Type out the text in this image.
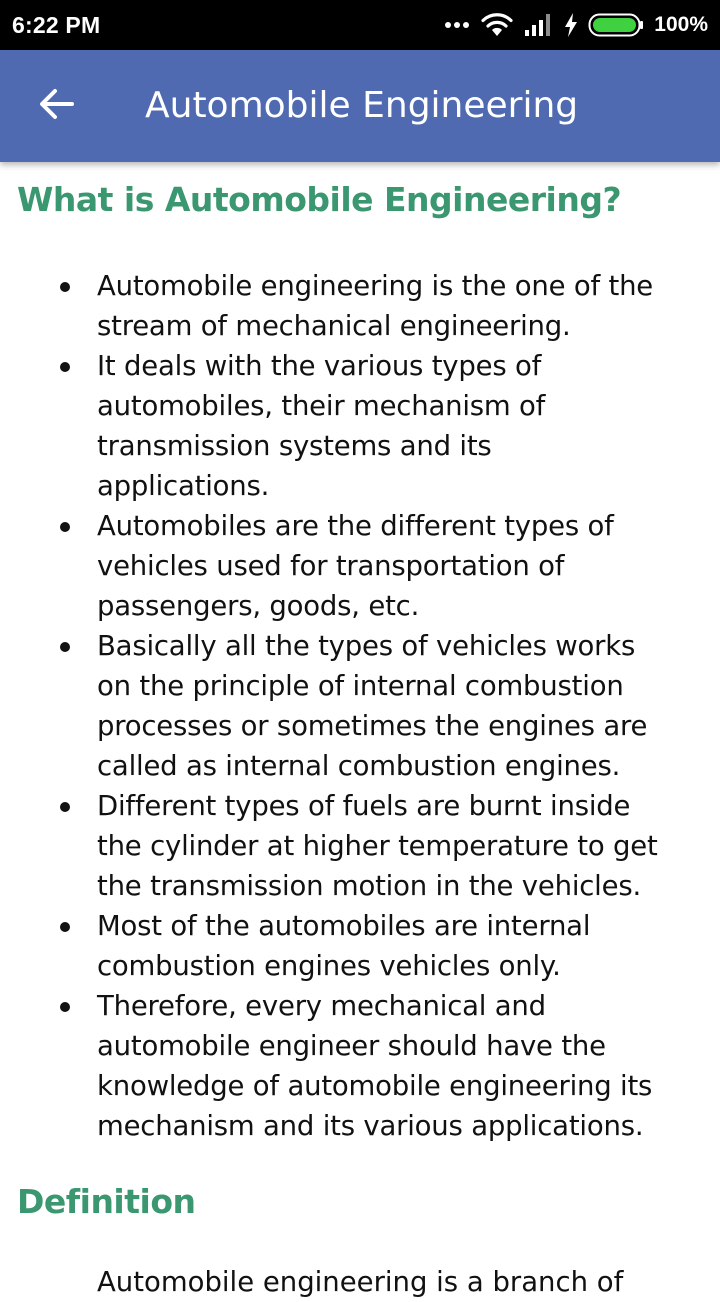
6:22 PM	100%
Automobile Engineering
What is Automobile Engineering?
Automobile engineering is the one of the
stream of mechanical engineering.
It deals with the various types of
automobiles, their mechanism of
transmission systems and its
applications.
Automobiles are the different types of
vehicles used for transportation of
passengers, goods, etc.
Basically all the types of vehicles works
on the principle of internal combustion
processes or sometimes the engines are
called as internal combustion engines.
Different types of fuels are burnt inside
the cylinder at higher temperature to get
the transmission motion in the vehicles.
Most of the automobiles are internal
combustion engines vehicles only.
Therefore, every mechanical and
automobile engineer should have the
knowledge of automobile engineering its
mechanism and its various applications.
Definition
Automobile engineering is a branch of
